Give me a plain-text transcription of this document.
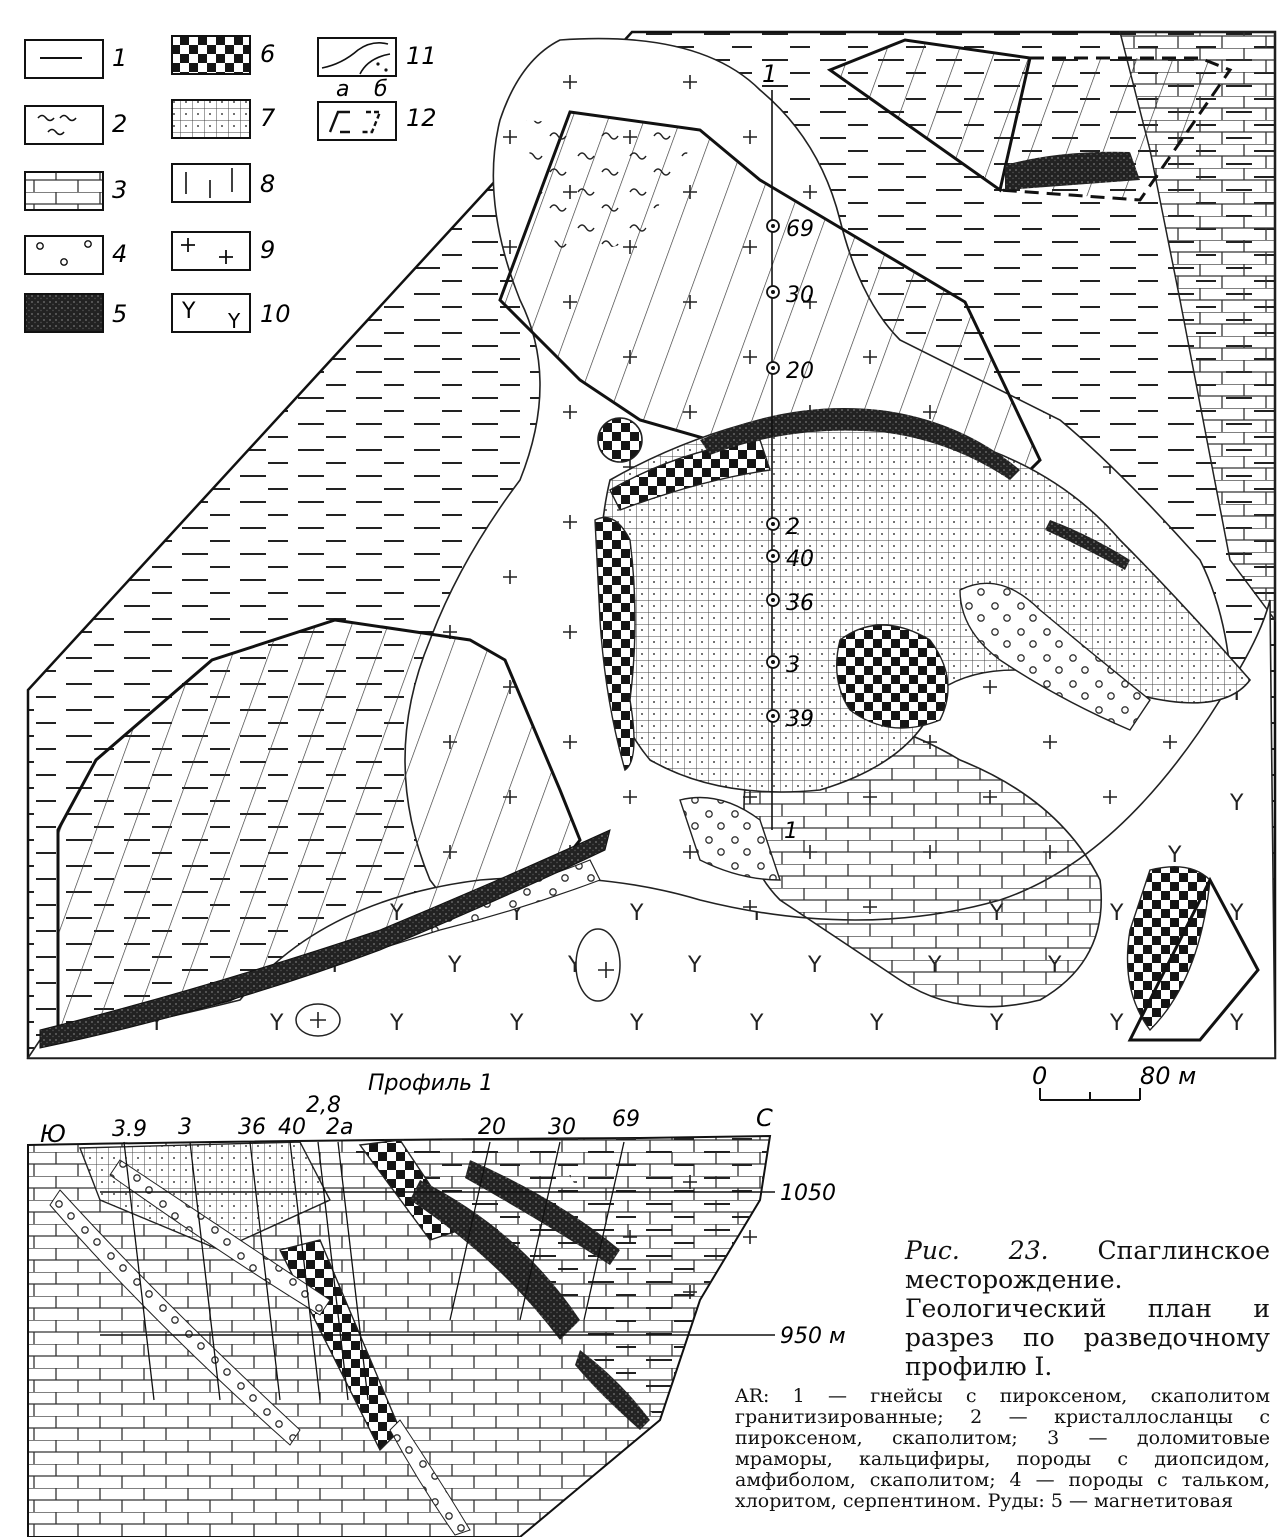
1
2
3
4
5
6
7
8
9
Y Y 10
11
а б
12
1
1
69
30
20
2
40
36
3
39
0	80 м
Профиль 1
Ю
С
1050
950 м
3.9 3 36 40
2,8
2а	20 30 69
Рис. 23. Спаглинское месторождение. Геологический план и разрез по разведочному профилю I.
AR: 1 — гнейсы с пироксеном, скаполитом гранитизированные; 2 — кристаллосланцы с пироксеном, скаполитом; 3 — доломитовые мраморы, кальцифиры, породы с диопсидом, амфиболом, скаполитом; 4 — породы с тальком, хлоритом, серпентином. Руды: 5 — магнетитовая
